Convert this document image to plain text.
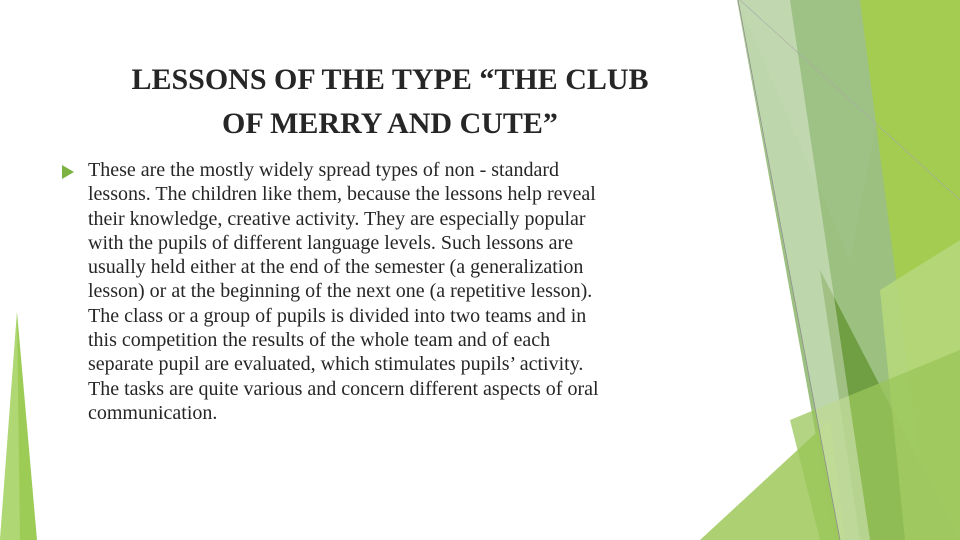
LESSONS OF THE TYPE “THE CLUB
OF MERRY AND CUTE”

These are the mostly widely spread types of non - standard
lessons. The children like them, because the lessons help reveal
their knowledge, creative activity. They are especially popular
with the pupils of different language levels. Such lessons are
usually held either at the end of the semester (a generalization
lesson) or at the beginning of the next one (a repetitive lesson).
The class or a group of pupils is divided into two teams and in
this competition the results of the whole team and of each
separate pupil are evaluated, which stimulates pupils’ activity.
The tasks are quite various and concern different aspects of oral
communication.
